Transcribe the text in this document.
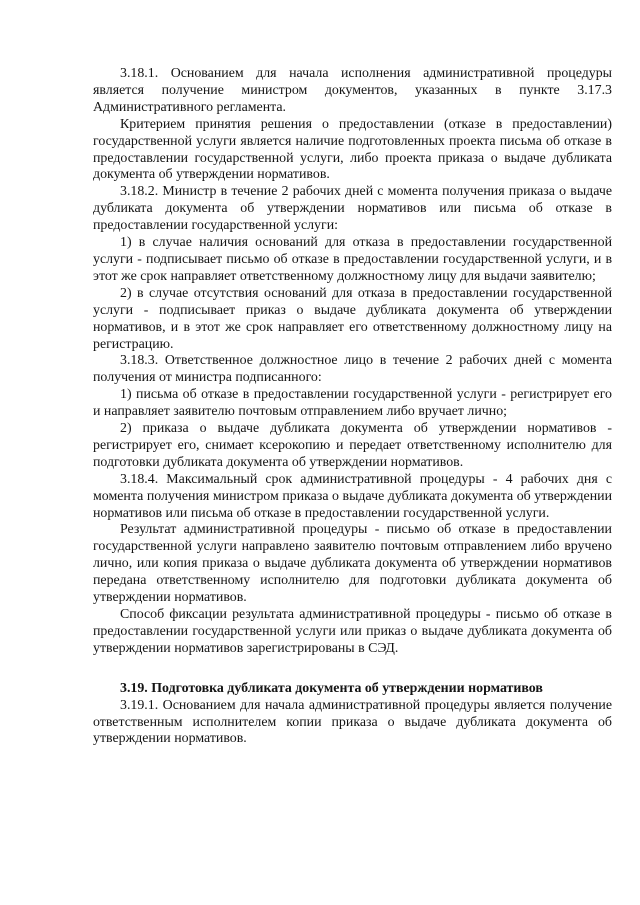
3.18.1. Основанием для начала исполнения административной процедуры является получение министром документов, указанных в пункте 3.17.3 Административного регламента.

Критерием принятия решения о предоставлении (отказе в предоставлении) государственной услуги является наличие подготовленных проекта письма об отказе в предоставлении государственной услуги, либо проекта приказа о выдаче дубликата документа об утверждении нормативов.

3.18.2. Министр в течение 2 рабочих дней с момента получения приказа о выдаче дубликата документа об утверждении нормативов или письма об отказе в предоставлении государственной услуги:

1) в случае наличия оснований для отказа в предоставлении государственной услуги - подписывает письмо об отказе в предоставлении государственной услуги, и в этот же срок направляет ответственному должностному лицу для выдачи заявителю;

2) в случае отсутствия оснований для отказа в предоставлении государственной услуги - подписывает приказ о выдаче дубликата документа об утверждении нормативов, и в этот же срок направляет его ответственному должностному лицу на регистрацию.

3.18.3. Ответственное должностное лицо в течение 2 рабочих дней с момента получения от министра подписанного:

1) письма об отказе в предоставлении государственной услуги - регистрирует его и направляет заявителю почтовым отправлением либо вручает лично;

2) приказа о выдаче дубликата документа об утверждении нормативов - регистрирует его, снимает ксерокопию и передает ответственному исполнителю для подготовки дубликата документа об утверждении нормативов.

3.18.4. Максимальный срок административной процедуры - 4 рабочих дня с момента получения министром приказа о выдаче дубликата документа об утверждении нормативов или письма об отказе в предоставлении государственной услуги.

Результат административной процедуры - письмо об отказе в предоставлении государственной услуги направлено заявителю почтовым отправлением либо вручено лично, или копия приказа о выдаче дубликата документа об утверждении нормативов передана ответственному исполнителю для подготовки дубликата документа об утверждении нормативов.

Способ фиксации результата административной процедуры - письмо об отказе в предоставлении государственной услуги или приказ о выдаче дубликата документа об утверждении нормативов зарегистрированы в СЭД.

3.19. Подготовка дубликата документа об утверждении нормативов

3.19.1. Основанием для начала административной процедуры является получение ответственным исполнителем копии приказа о выдаче дубликата документа об утверждении нормативов.
